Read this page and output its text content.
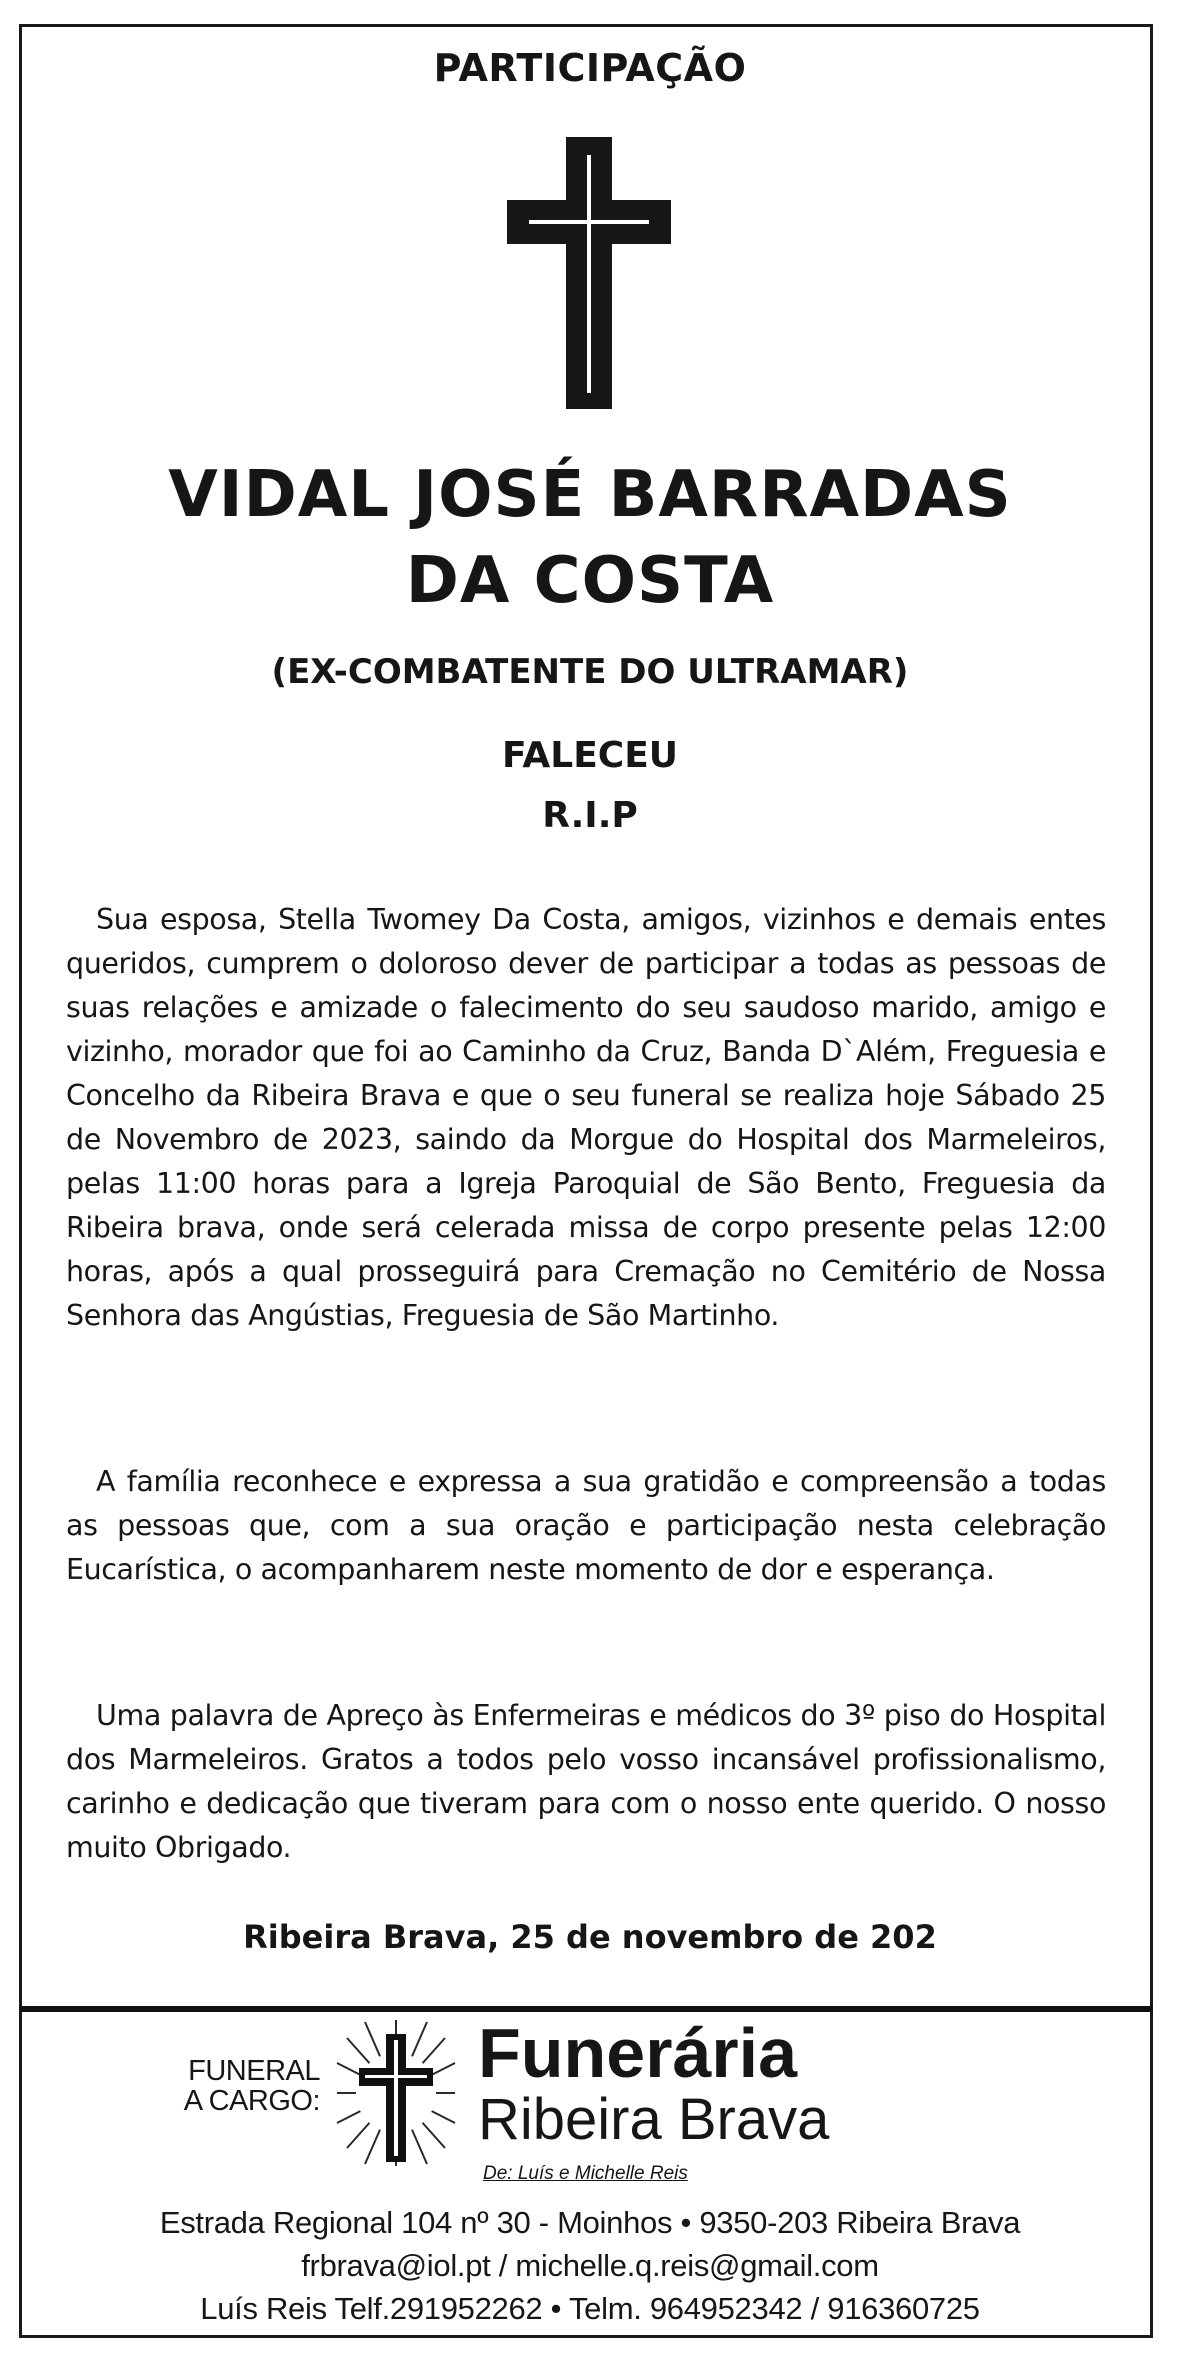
PARTICIPAÇÃO
VIDAL JOSÉ BARRADAS
DA COSTA
(EX-COMBATENTE DO ULTRAMAR)
FALECEU
R.I.P

Sua esposa, Stella Twomey Da Costa, amigos, vizinhos e demais entes queridos, cumprem o doloroso dever de participar a todas as pessoas de suas relações e amizade o falecimento do seu saudoso marido, amigo e vizinho, morador que foi ao Caminho da Cruz, Banda D`Além, Freguesia e Concelho da Ribeira Brava e que o seu funeral se realiza hoje Sábado 25 de Novembro de 2023, saindo da Morgue do Hospital dos Marmeleiros, pelas 11:00 horas para a Igreja Paroquial de São Bento, Freguesia da Ribeira brava, onde será celerada missa de corpo presente pelas 12:00 horas, após a qual prosseguirá para Cremação no Cemitério de Nossa Senhora das Angústias, Freguesia de São Martinho.

A família reconhece e expressa a sua gratidão e compreensão a todas as pessoas que, com a sua oração e participação nesta celebração Eucarística, o acompanharem neste momento de dor e esperança.

Uma palavra de Apreço às Enfermeiras e médicos do 3º piso do Hospital dos Marmeleiros. Gratos a todos pelo vosso incansável profissionalismo, carinho e dedicação que tiveram para com o nosso ente querido. O nosso muito Obrigado.

Ribeira Brava, 25 de novembro de 202
FUNERAL
A CARGO:
Funerária
Ribeira Brava
De: Luís e Michelle Reis
Estrada Regional 104 nº 30 - Moinhos • 9350-203 Ribeira Brava
frbrava@iol.pt / michelle.q.reis@gmail.com
Luís Reis Telf.291952262 • Telm. 964952342 / 916360725
